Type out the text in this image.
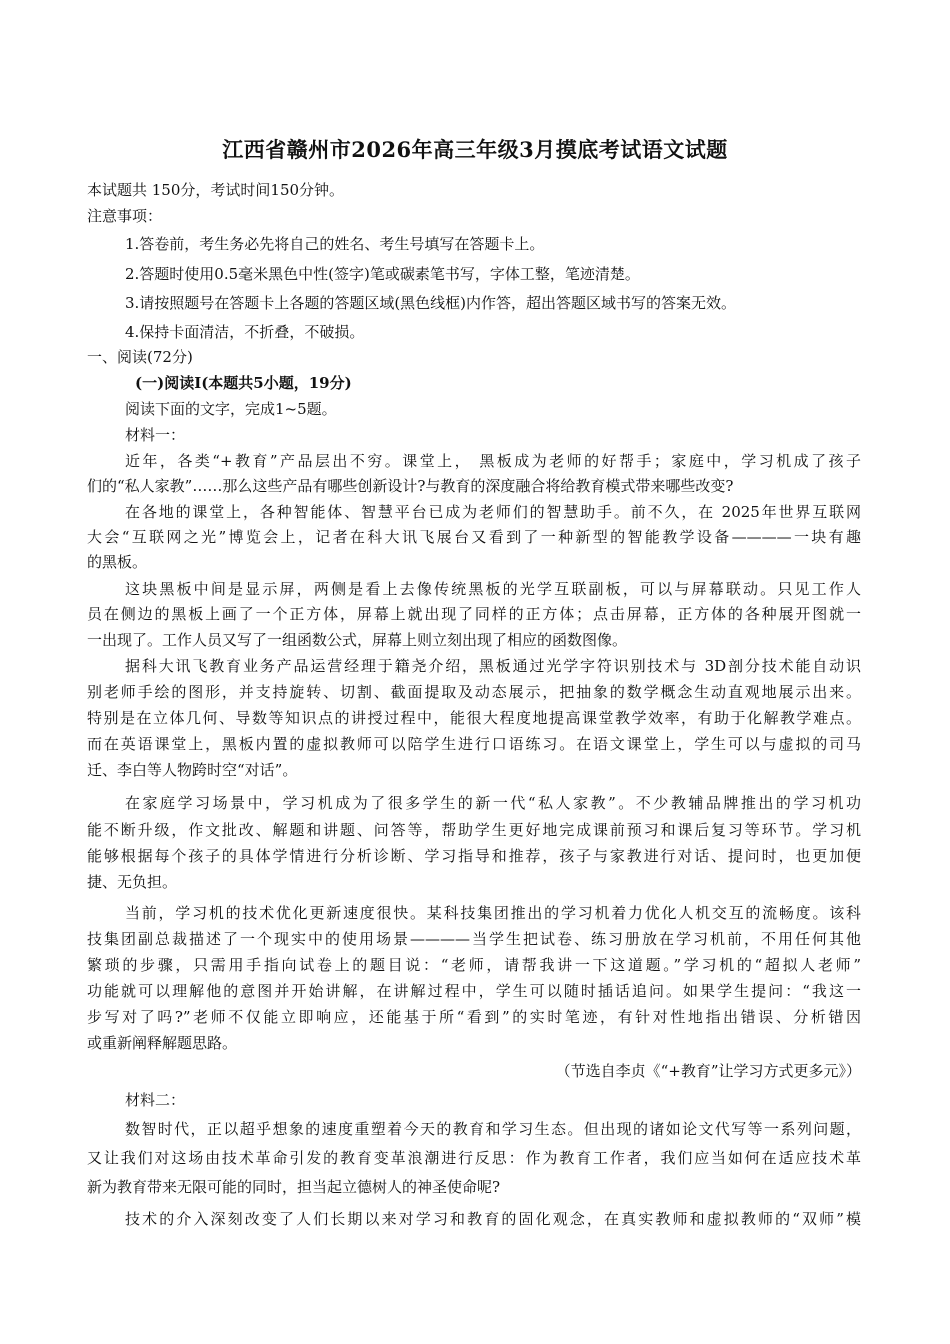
江西省赣州市2026年高三年级3月摸底考试语文试题
本试题共 150分，考试时间150分钟。
注意事项：
1.答卷前，考生务必先将自己的姓名、考生号填写在答题卡上。
2.答题时使用0.5毫米黑色中性(签字)笔或碳素笔书写，字体工整，笔迹清楚。
3.请按照题号在答题卡上各题的答题区域(黑色线框)内作答，超出答题区域书写的答案无效。
4.保持卡面清洁，不折叠，不破损。
一、阅读(72分)
(一)阅读Ⅰ(本题共5小题，19分)
阅读下面的文字，完成1~5题。
材料一：
近年，各类“+教育”产品层出不穷。课堂上， 黑板成为老师的好帮手；家庭中，学习机成了孩子
们的“私人家教”……那么这些产品有哪些创新设计?与教育的深度融合将给教育模式带来哪些改变?
在各地的课堂上，各种智能体、智慧平台已成为老师们的智慧助手。前不久，在 2025年世界互联网
大会“互联网之光”博览会上，记者在科大讯飞展台又看到了一种新型的智能教学设备————一块有趣
的黑板。
这块黑板中间是显示屏，两侧是看上去像传统黑板的光学互联副板，可以与屏幕联动。只见工作人
员在侧边的黑板上画了一个正方体，屏幕上就出现了同样的正方体；点击屏幕，正方体的各种展开图就一
一出现了。工作人员又写了一组函数公式，屏幕上则立刻出现了相应的函数图像。
据科大讯飞教育业务产品运营经理于籍尧介绍，黑板通过光学字符识别技术与 3D剖分技术能自动识
别老师手绘的图形，并支持旋转、切割、截面提取及动态展示，把抽象的数学概念生动直观地展示出来。
特别是在立体几何、导数等知识点的讲授过程中，能很大程度地提高课堂教学效率，有助于化解教学难点。
而在英语课堂上，黑板内置的虚拟教师可以陪学生进行口语练习。在语文课堂上，学生可以与虚拟的司马
迁、李白等人物跨时空“对话”。
在家庭学习场景中，学习机成为了很多学生的新一代“私人家教”。不少教辅品牌推出的学习机功
能不断升级，作文批改、解题和讲题、问答等，帮助学生更好地完成课前预习和课后复习等环节。学习机
能够根据每个孩子的具体学情进行分析诊断、学习指导和推荐，孩子与家教进行对话、提问时，也更加便
捷、无负担。
当前，学习机的技术优化更新速度很快。某科技集团推出的学习机着力优化人机交互的流畅度。该科
技集团副总裁描述了一个现实中的使用场景————当学生把试卷、练习册放在学习机前，不用任何其他
繁琐的步骤，只需用手指向试卷上的题目说：“老师，请帮我讲一下这道题。”学习机的“超拟人老师”
功能就可以理解他的意图并开始讲解，在讲解过程中，学生可以随时插话追问。如果学生提问：“我这一
步写对了吗?”老师不仅能立即响应，还能基于所“看到”的实时笔迹，有针对性地指出错误、分析错因
或重新阐释解题思路。
（节选自李贞《“+教育”让学习方式更多元》）
材料二：
数智时代，正以超乎想象的速度重塑着今天的教育和学习生态。但出现的诸如论文代写等一系列问题，
又让我们对这场由技术革命引发的教育变革浪潮进行反思：作为教育工作者，我们应当如何在适应技术革
新为教育带来无限可能的同时，担当起立德树人的神圣使命呢?
技术的介入深刻改变了人们长期以来对学习和教育的固化观念，在真实教师和虚拟教师的“双师”模
